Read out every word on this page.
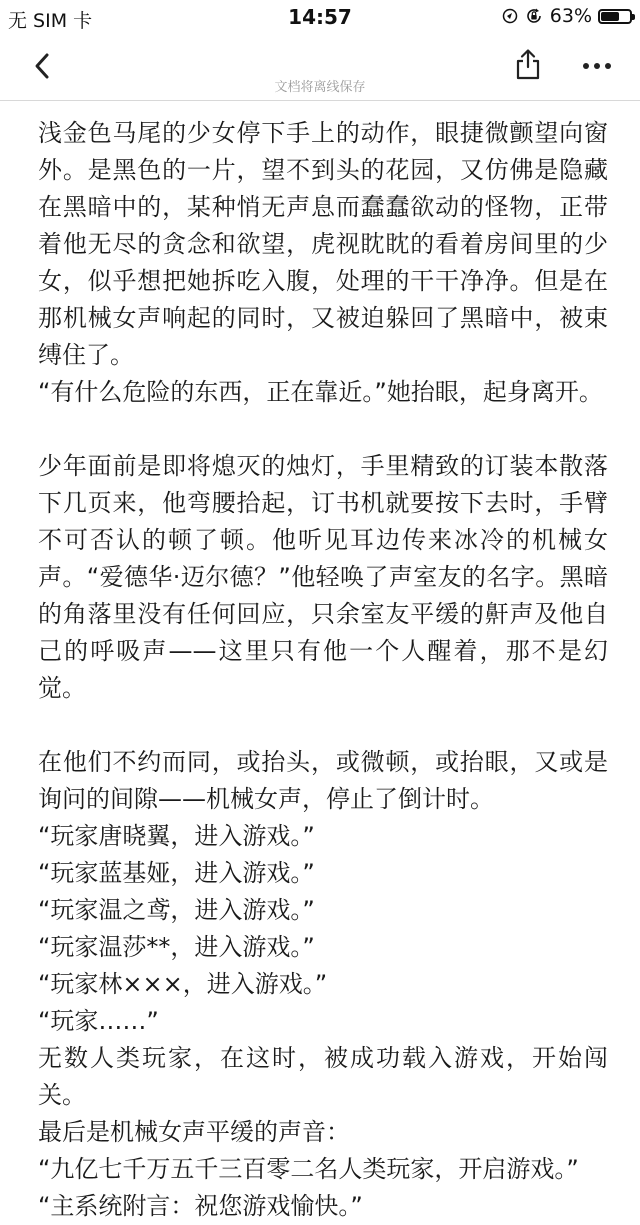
无 SIM 卡	14:57	63%
文档将离线保存

浅金色马尾的少女停下手上的动作，眼捷微颤望向窗外。是黑色的一片，望不到头的花园，又仿佛是隐藏在黑暗中的，某种悄无声息而蠢蠢欲动的怪物，正带着他无尽的贪念和欲望，虎视眈眈的看着房间里的少女，似乎想把她拆吃入腹，处理的干干净净。但是在那机械女声响起的同时，又被迫躲回了黑暗中，被束缚住了。

“有什么危险的东西，正在靠近。”她抬眼，起身离开。

少年面前是即将熄灭的烛灯，手里精致的订装本散落下几页来，他弯腰拾起，订书机就要按下去时，手臂不可否认的顿了顿。他听见耳边传来冰冷的机械女声。“爱德华·迈尔德？”他轻唤了声室友的名字。黑暗的角落里没有任何回应，只余室友平缓的鼾声及他自己的呼吸声——这里只有他一个人醒着，那不是幻觉。

在他们不约而同，或抬头，或微顿，或抬眼，又或是询问的间隙——机械女声，停止了倒计时。

“玩家唐晓翼，进入游戏。”

“玩家蓝基娅，进入游戏。”

“玩家温之鸢，进入游戏。”

“玩家温莎**，进入游戏。”

“玩家林×××，进入游戏。”

“玩家……”

无数人类玩家，在这时，被成功载入游戏，开始闯关。

最后是机械女声平缓的声音：

“九亿七千万五千三百零二名人类玩家，开启游戏。”

“主系统附言：祝您游戏愉快。”
